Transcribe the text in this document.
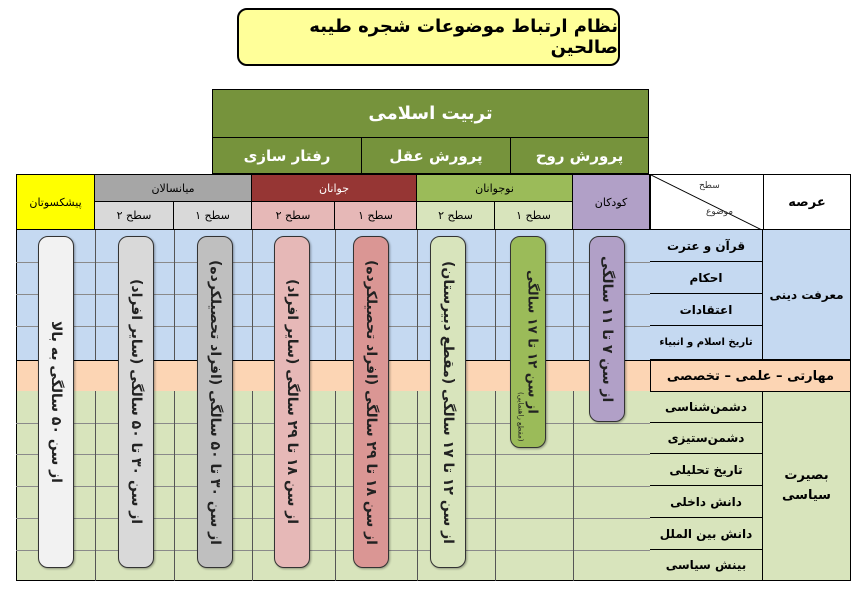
نظام ارتباط موضوعات شجره طیبه صالحین
تربیت اسلامی
پرورش روح
پرورش عقل
رفتار سازی
سطح
موضوع
عرصه
کودکان
نوجوانان
سطح ۱
سطح ۲
جوانان
سطح ۱
سطح ۲
میانسالان
سطح ۱
سطح ۲
پیشکسوتان
قرآن و عترت
احکام
اعتقادات
تاریخ اسلام و انبیاء
معرفت دینی
مهارتی – علمی – تخصصی
دشمن‌شناسی
دشمن‌ستیزی
تاریخ تحلیلی
دانش داخلی
دانش بین الملل
بینش سیاسی
بصیرت سیاسی
از سن ۷ تا ۱۱ سالگی
(مقطع راهنمایی)
از سن ۱۲ تا ۱۷ سالگی
از سن ۱۲ تا ۱۷ سالگی (مقطع دبیرستان)
از سن ۱۸ تا ۲۹ سالگی (افراد تحصیلکرده)
از سن ۱۸ تا ۲۹ سالگی (سایر افراد)
از سن ۳۰ تا ۵۰ سالگی (افراد تحصیلکرده)
از سن ۳۰ تا ۵۰ سالگی (سایر افراد)
از سن ۵۰ سالگی به بالا
